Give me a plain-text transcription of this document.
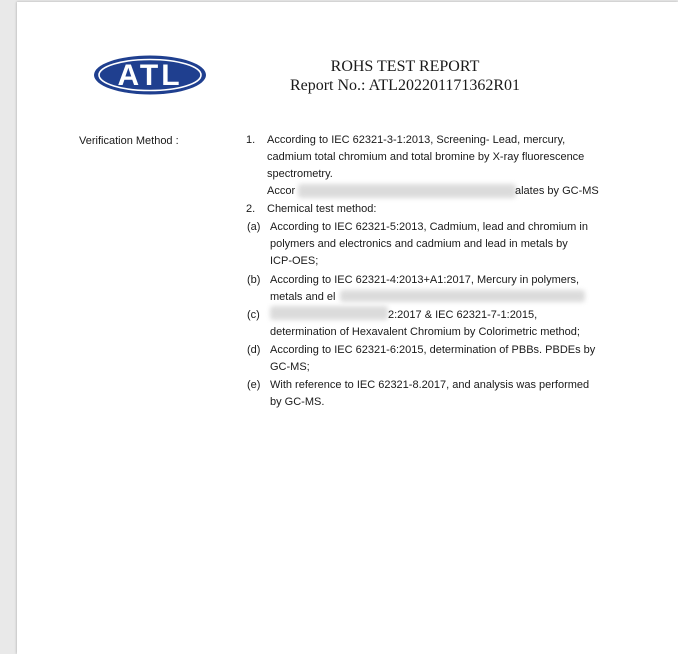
ATL	ROHS TEST REPORT
Report No.: ATL202201171362R01
Verification Method :	1. According to IEC 62321-3-1:2013, Screening- Lead, mercury,
cadmium total chromium and total bromine by X-ray fluorescence
spectrometry.
Accor	alates by GC-MS
2. Chemical test method:
(a) According to IEC 62321-5:2013, Cadmium, lead and chromium in
polymers and electronics and cadmium and lead in metals by
ICP-OES;
(b) According to IEC 62321-4:2013+A1:2017, Mercury in polymers,
metals and el
(c)	2:2017 & IEC 62321-7-1:2015,
determination of Hexavalent Chromium by Colorimetric method;
(d) According to IEC 62321-6:2015, determination of PBBs. PBDEs by
GC-MS;
(e) With reference to IEC 62321-8.2017, and analysis was performed
by GC-MS.
